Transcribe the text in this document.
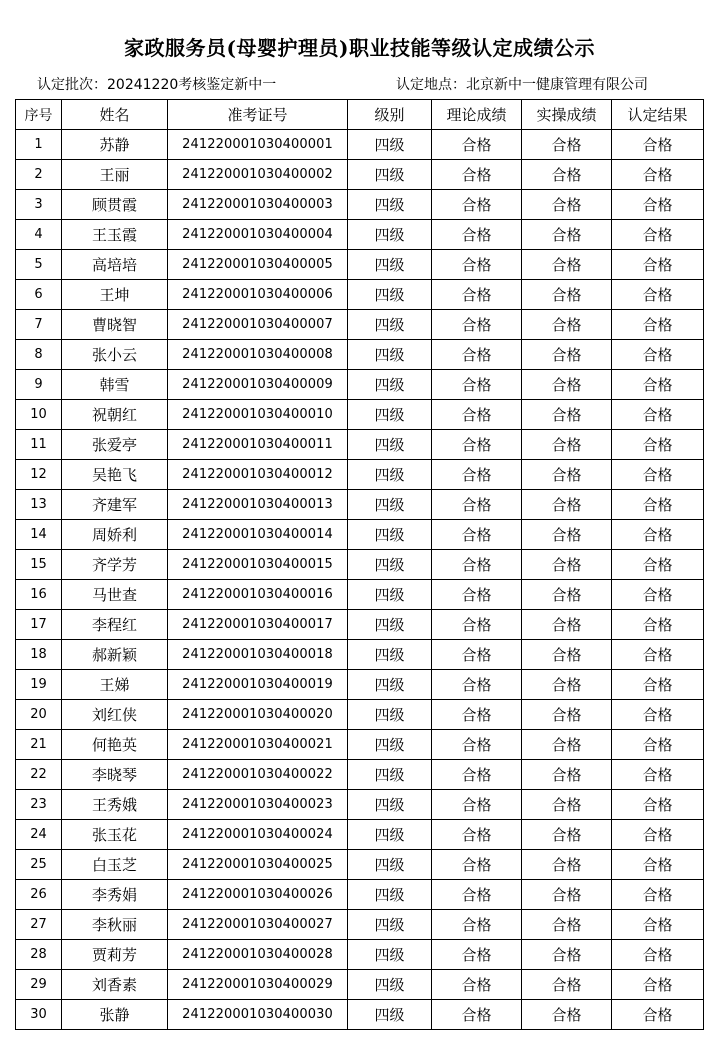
家政服务员(母婴护理员)职业技能等级认定成绩公示
认定批次：20241220考核鉴定新中一	认定地点：北京新中一健康管理有限公司
序号	姓名	准考证号	级别	理论成绩	实操成绩	认定结果
1	苏静	241220001030400001	四级	合格	合格	合格
2	王丽	241220001030400002	四级	合格	合格	合格
3	顾贯霞	241220001030400003	四级	合格	合格	合格
4	王玉霞	241220001030400004	四级	合格	合格	合格
5	高培培	241220001030400005	四级	合格	合格	合格
6	王坤	241220001030400006	四级	合格	合格	合格
7	曹晓智	241220001030400007	四级	合格	合格	合格
8	张小云	241220001030400008	四级	合格	合格	合格
9	韩雪	241220001030400009	四级	合格	合格	合格
10	祝朝红	241220001030400010	四级	合格	合格	合格
11	张爱亭	241220001030400011	四级	合格	合格	合格
12	吴艳飞	241220001030400012	四级	合格	合格	合格
13	齐建军	241220001030400013	四级	合格	合格	合格
14	周娇利	241220001030400014	四级	合格	合格	合格
15	齐学芳	241220001030400015	四级	合格	合格	合格
16	马世查	241220001030400016	四级	合格	合格	合格
17	李程红	241220001030400017	四级	合格	合格	合格
18	郝新颖	241220001030400018	四级	合格	合格	合格
19	王娣	241220001030400019	四级	合格	合格	合格
20	刘红侠	241220001030400020	四级	合格	合格	合格
21	何艳英	241220001030400021	四级	合格	合格	合格
22	李晓琴	241220001030400022	四级	合格	合格	合格
23	王秀娥	241220001030400023	四级	合格	合格	合格
24	张玉花	241220001030400024	四级	合格	合格	合格
25	白玉芝	241220001030400025	四级	合格	合格	合格
26	李秀娟	241220001030400026	四级	合格	合格	合格
27	李秋丽	241220001030400027	四级	合格	合格	合格
28	贾莉芳	241220001030400028	四级	合格	合格	合格
29	刘香素	241220001030400029	四级	合格	合格	合格
30	张静	241220001030400030	四级	合格	合格	合格
